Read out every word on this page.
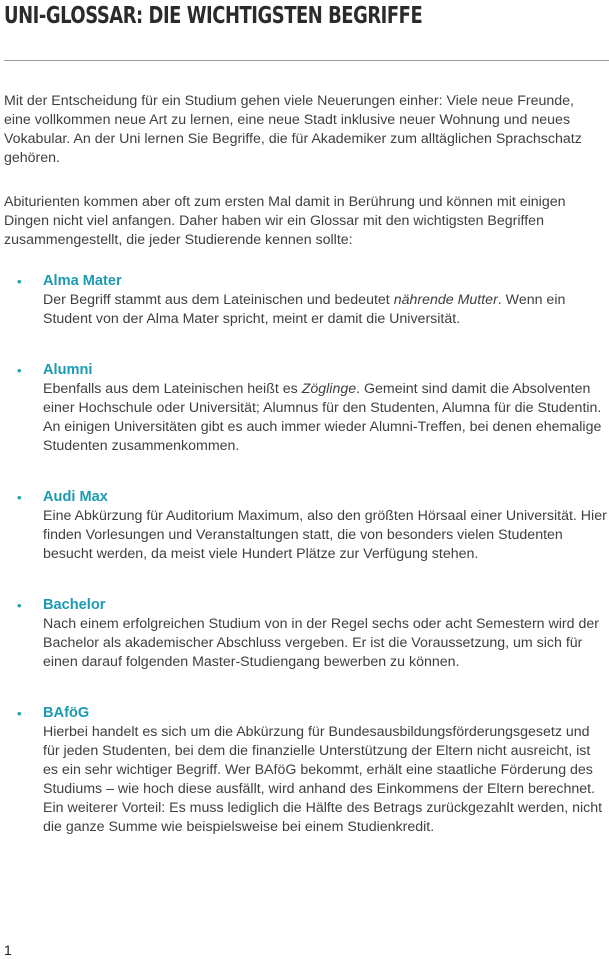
UNI-GLOSSAR: DIE WICHTIGSTEN BEGRIFFE

Mit der Entscheidung für ein Studium gehen viele Neuerungen einher: Viele neue Freunde, eine vollkommen neue Art zu lernen, eine neue Stadt inklusive neuer Wohnung und neues Vokabular. An der Uni lernen Sie Begriffe, die für Akademiker zum alltäglichen Sprachschatz gehören.

Abiturienten kommen aber oft zum ersten Mal damit in Berührung und können mit einigen Dingen nicht viel anfangen. Daher haben wir ein Glossar mit den wichtigsten Begriffen zusammengestellt, die jeder Studierende kennen sollte:

• Alma Mater
Der Begriff stammt aus dem Lateinischen und bedeutet nährende Mutter. Wenn ein Student von der Alma Mater spricht, meint er damit die Universität.
• Alumni
Ebenfalls aus dem Lateinischen heißt es Zöglinge. Gemeint sind damit die Absolventen einer Hochschule oder Universität; Alumnus für den Studenten, Alumna für die Studentin. An einigen Universitäten gibt es auch immer wieder Alumni-Treffen, bei denen ehemalige Studenten zusammenkommen.
• Audi Max
Eine Abkürzung für Auditorium Maximum, also den größten Hörsaal einer Universität. Hier finden Vorlesungen und Veranstaltungen statt, die von besonders vielen Studenten besucht werden, da meist viele Hundert Plätze zur Verfügung stehen.
• Bachelor
Nach einem erfolgreichen Studium von in der Regel sechs oder acht Semestern wird der Bachelor als akademischer Abschluss vergeben. Er ist die Voraussetzung, um sich für einen darauf folgenden Master-Studiengang bewerben zu können.
• BAföG
Hierbei handelt es sich um die Abkürzung für Bundesausbildungsförderungsgesetz und für jeden Studenten, bei dem die finanzielle Unterstützung der Eltern nicht ausreicht, ist es ein sehr wichtiger Begriff. Wer BAföG bekommt, erhält eine staatliche Förderung des Studiums – wie hoch diese ausfällt, wird anhand des Einkommens der Eltern berechnet. Ein weiterer Vorteil: Es muss lediglich die Hälfte des Betrags zurückgezahlt werden, nicht die ganze Summe wie beispielsweise bei einem Studienkredit.
1
